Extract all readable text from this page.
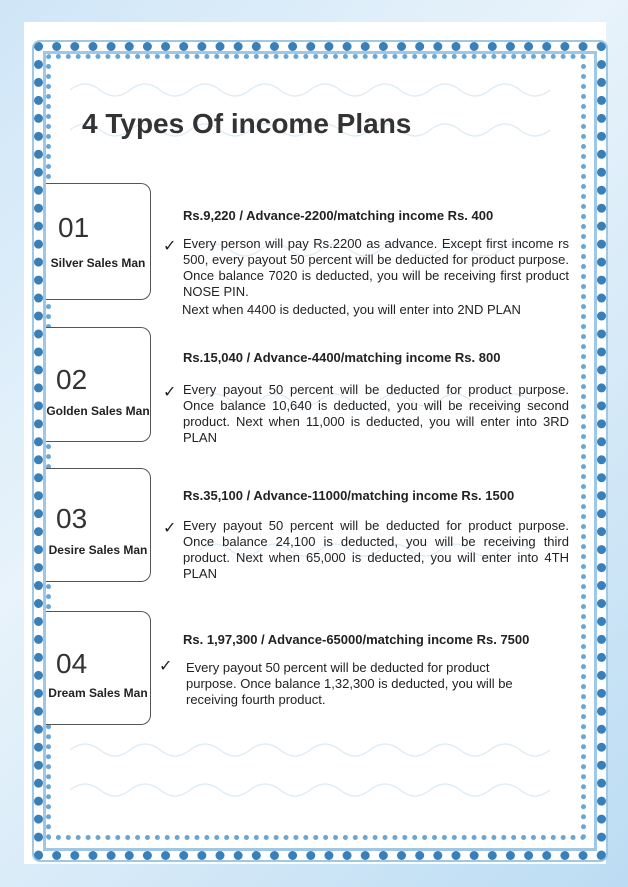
4 Types Of income Plans
01
Silver Sales Man
Rs.9,220 / Advance-2200/matching income Rs. 400
✓ Every person will pay Rs.2200 as advance. Except first income rs 500, every payout 50 percent will be deducted for product purpose. Once balance 7020 is deducted, you will be receiving first product NOSE PIN.
Next when 4400 is deducted, you will enter into 2ND PLAN
02
Golden Sales Man
Rs.15,040 / Advance-4400/matching income Rs. 800
✓ Every payout 50 percent will be deducted for product purpose. Once balance 10,640 is deducted, you will be receiving second product. Next when 11,000 is deducted, you will enter into 3RD PLAN
03
Desire Sales Man
Rs.35,100 / Advance-11000/matching income Rs. 1500
✓ Every payout 50 percent will be deducted for product purpose. Once balance 24,100 is deducted, you will be receiving third product. Next when 65,000 is deducted, you will enter into 4TH PLAN
04
Dream Sales Man
Rs. 1,97,300 / Advance-65000/matching income Rs. 7500
✓ Every payout 50 percent will be deducted for product purpose. Once balance 1,32,300 is deducted, you will be receiving fourth product.
